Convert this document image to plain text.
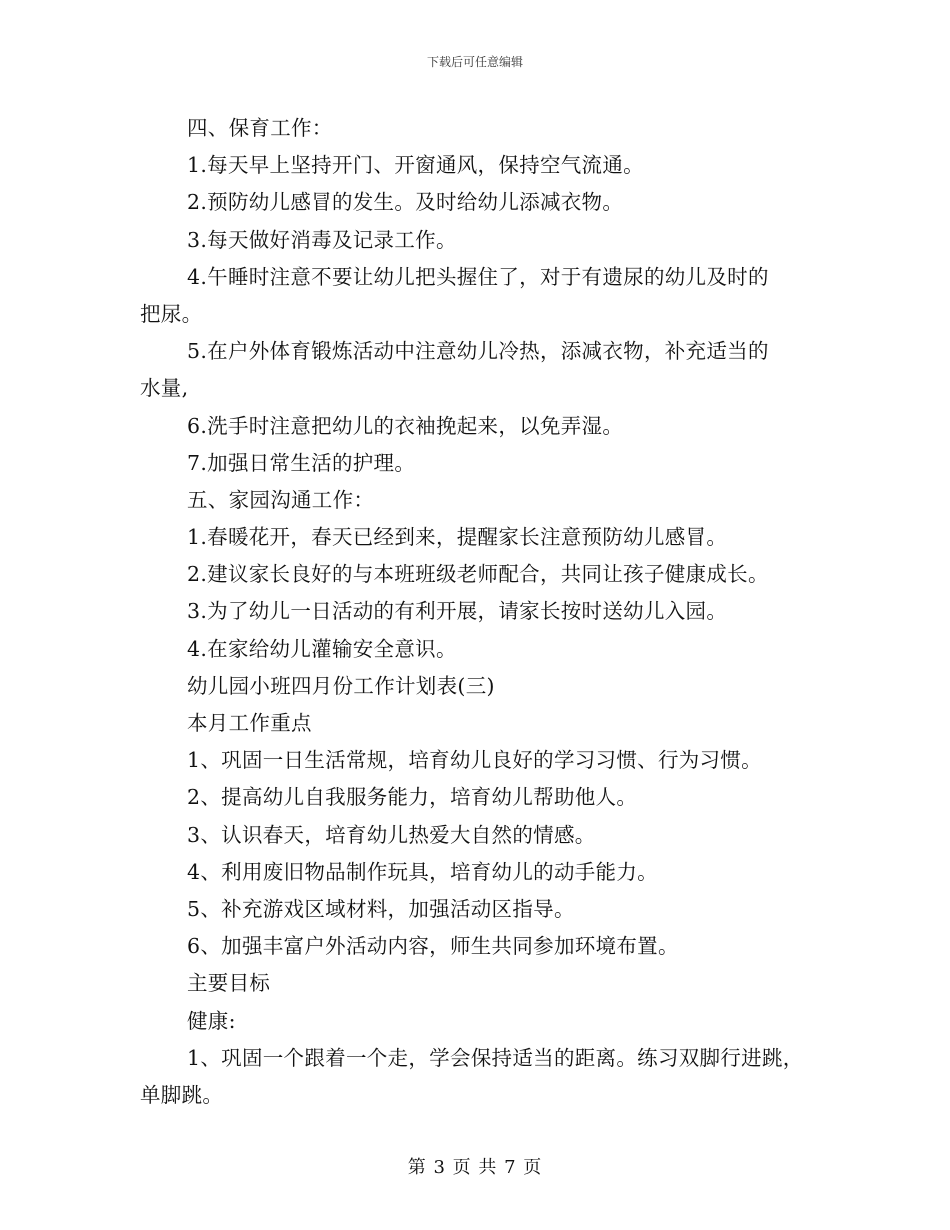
下载后可任意编辑
四、保育工作：
1.每天早上坚持开门、开窗通风，保持空气流通。
2.预防幼儿感冒的发生。及时给幼儿添减衣物。
3.每天做好消毒及记录工作。
4.午睡时注意不要让幼儿把头握住了，对于有遗尿的幼儿及时的
把尿。
5.在户外体育锻炼活动中注意幼儿冷热，添减衣物，补充适当的
水量,
6.洗手时注意把幼儿的衣袖挽起来，以免弄湿。
7.加强日常生活的护理。
五、家园沟通工作：
1.春暖花开，春天已经到来，提醒家长注意预防幼儿感冒。
2.建议家长良好的与本班班级老师配合，共同让孩子健康成长。
3.为了幼儿一日活动的有利开展，请家长按时送幼儿入园。
4.在家给幼儿灌输安全意识。
幼儿园小班四月份工作计划表(三)
本月工作重点
1、巩固一日生活常规，培育幼儿良好的学习习惯、行为习惯。
2、提高幼儿自我服务能力，培育幼儿帮助他人。
3、认识春天，培育幼儿热爱大自然的情感。
4、利用废旧物品制作玩具，培育幼儿的动手能力。
5、补充游戏区域材料，加强活动区指导。
6、加强丰富户外活动内容，师生共同参加环境布置。
主要目标
健康:
1、巩固一个跟着一个走，学会保持适当的距离。练习双脚行进跳，
单脚跳。
第 3 页 共 7 页
